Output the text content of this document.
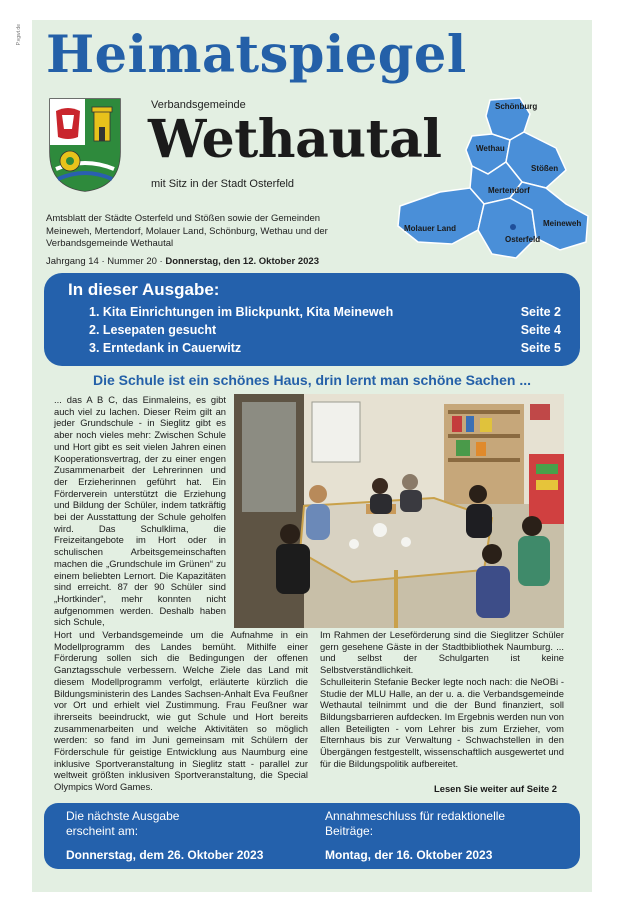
P.vgwt.de Heimatspiegel
Verbandsgemeinde
Wethautal
mit Sitz in der Stadt Osterfeld
Schönburg
Wethau
Stößen
Mertendorf
Molauer Land
Osterfeld
Meineweh
Amtsblatt der Städte Osterfeld und Stößen sowie der Gemeinden Meineweh, Mertendorf, Molauer Land, Schönburg, Wethau und der Verbandsgemeinde Wethautal
Jahrgang 14 · Nummer 20 · Donnerstag, den 12. Oktober 2023
In dieser Ausgabe:
1. Kita Einrichtungen im Blickpunkt, Kita Meineweh	Seite 2
2. Lesepaten gesucht	Seite 4
3. Erntedank in Cauerwitz	Seite 5
Die Schule ist ein schönes Haus, drin lernt man schöne Sachen ...
... das A B C, das Einmaleins, es gibt auch viel zu lachen. Dieser Reim gilt an jeder Grundschule - in Sieglitz gibt es aber noch vieles mehr: Zwischen Schule und Hort gibt es seit vielen Jahren einen Kooperationsvertrag, der zu einer engen Zusammenarbeit der Lehrerinnen und der Erzieherinnen geführt hat. Ein Förderverein unterstützt die Erziehung und Bildung der Schüler, indem tatkräftig bei der Ausstattung der Schule geholfen wird. Das Schulklima, die Freizeitangebote im Hort oder in schulischen Arbeitsgemeinschaften machen die „Grundschule im Grünen“ zu einem beliebten Lernort. Die Kapazitäten sind erreicht. 87 der 90 Schüler sind „Hortkinder“, mehr konnten nicht aufgenommen werden. Deshalb haben sich Schule,
Hort und Verbandsgemeinde um die Aufnahme in ein Modellprogramm des Landes bemüht. Mithilfe einer Förderung sollen sich die Bedingungen der offenen Ganztagsschule verbessern. Welche Ziele das Land mit diesem Modellprogramm verfolgt, erläuterte kürzlich die Bildungsministerin des Landes Sachsen-Anhalt Eva Feußner vor Ort und erhielt viel Zustimmung. Frau Feußner war ihrerseits beeindruckt, wie gut Schule und Hort bereits zusammenarbeiten und welche Aktivitäten so möglich werden: so fand im Juni gemeinsam mit Schülern der Förderschule für geistige Entwicklung aus Naumburg eine inklusive Sportveranstaltung in Sieglitz statt - parallel zur weltweit größten inklusiven Sportveranstaltung, die Special Olympics Word Games.

Im Rahmen der Leseförderung sind die Sieglitzer Schüler gern gesehene Gäste in der Stadtbibliothek Naumburg. ... und selbst der Schulgarten ist keine Selbstverständlichkeit.

Schulleiterin Stefanie Becker legte noch nach: die NeOBi - Studie der MLU Halle, an der u. a. die Verbandsgemeinde Wethautal teilnimmt und die der Bund finanziert, soll Bildungsbarrieren aufdecken. Im Ergebnis werden nun von allen Beteiligten - vom Lehrer bis zum Erzieher, vom Elternhaus bis zur Verwaltung - Schwachstellen in den Übergängen festgestellt, wissenschaftlich ausgewertet und für die Bildungspolitik aufbereitet.

Lesen Sie weiter auf Seite 2
Die nächste Ausgabe erscheint am:
Annahmeschluss für redaktionelle Beiträge:
Donnerstag, dem 26. Oktober 2023	Montag, der 16. Oktober 2023
